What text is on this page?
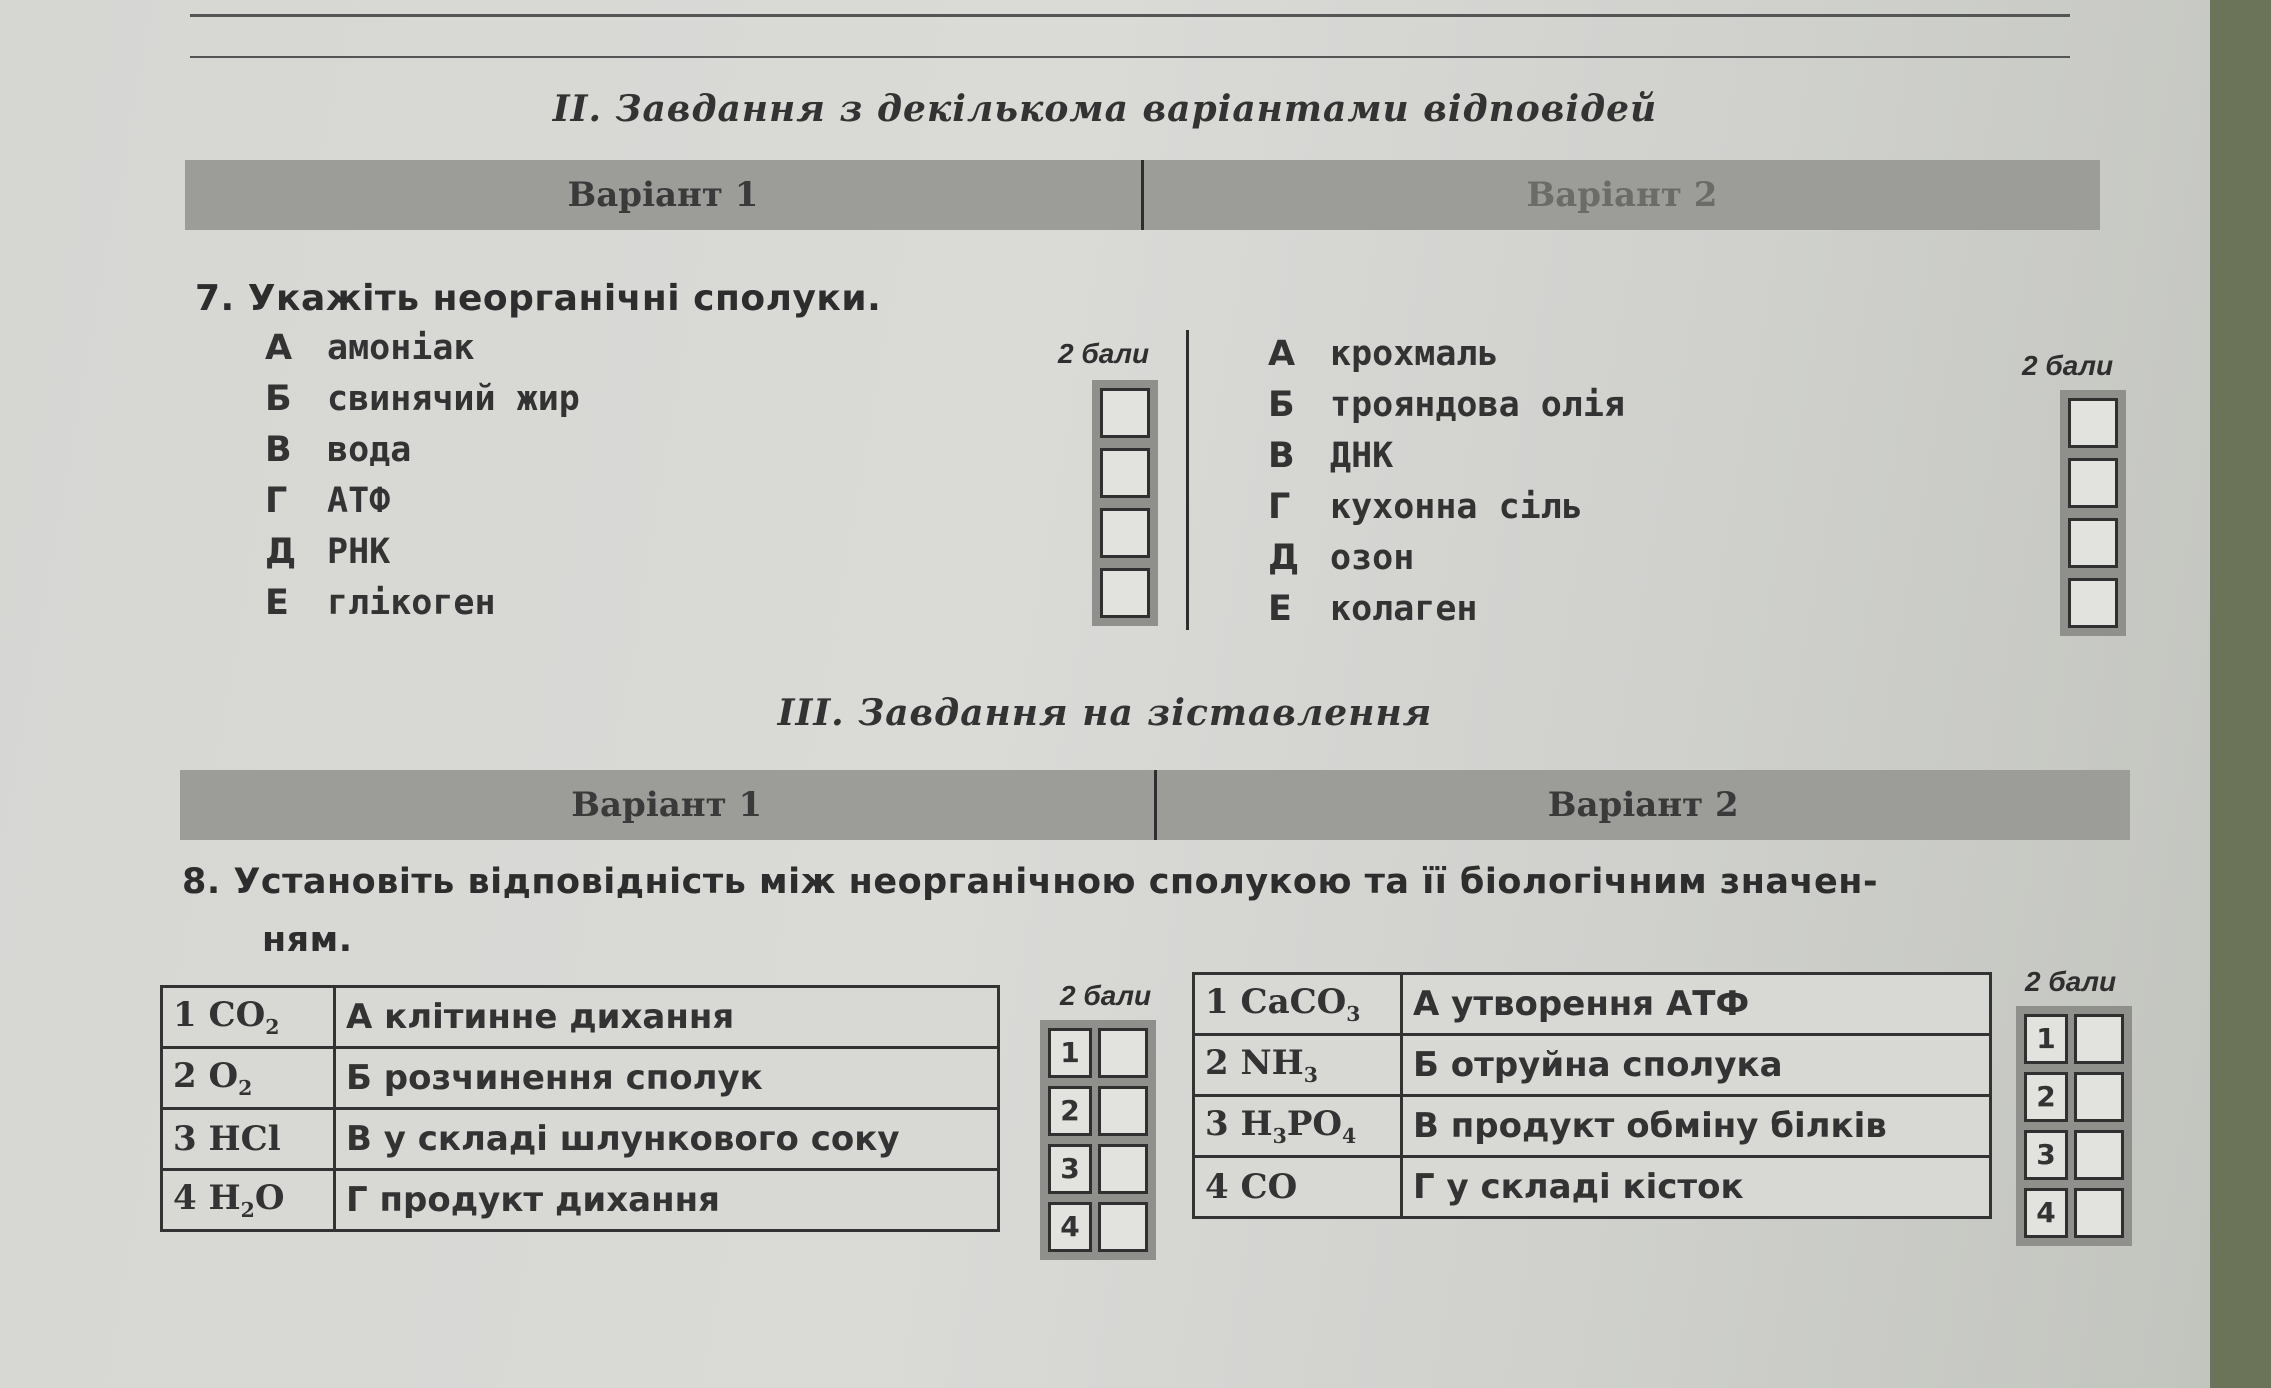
II. Завдання з декількома варіантами відповідей
Варіант 1	Варіант 2
7. Укажіть неорганічні сполуки.
А амоніак
Б	свинячий жир
В	вода
Г	АТФ
Д РНК
Е	глікоген
2 бали	А крохмаль
Б	трояндова олія
В	ДНК
Г	кухонна сіль
Д озон
Е	колаген
2 бали
III. Завдання на зіставлення
Варіант 1	Варіант 2
8. Установіть відповідність між неорганічною сполукою та її біологічним значен-
ням.
1 $CO_2$	А клітинне дихання
2 $O_2$	Б розчинення сполук
3 HCl	В у складі шлункового соку
4 $H_2O$	Г продукт дихання
2 бали
1
2
3
4
1 CaCO$_3$	А утворення АТФ
2 $NH_3$	Б отруйна сполука
3 $H_3PO_4$	В продукт обміну білків
4 CO	Г у складі кісток
2 бали
1
2
3
4
